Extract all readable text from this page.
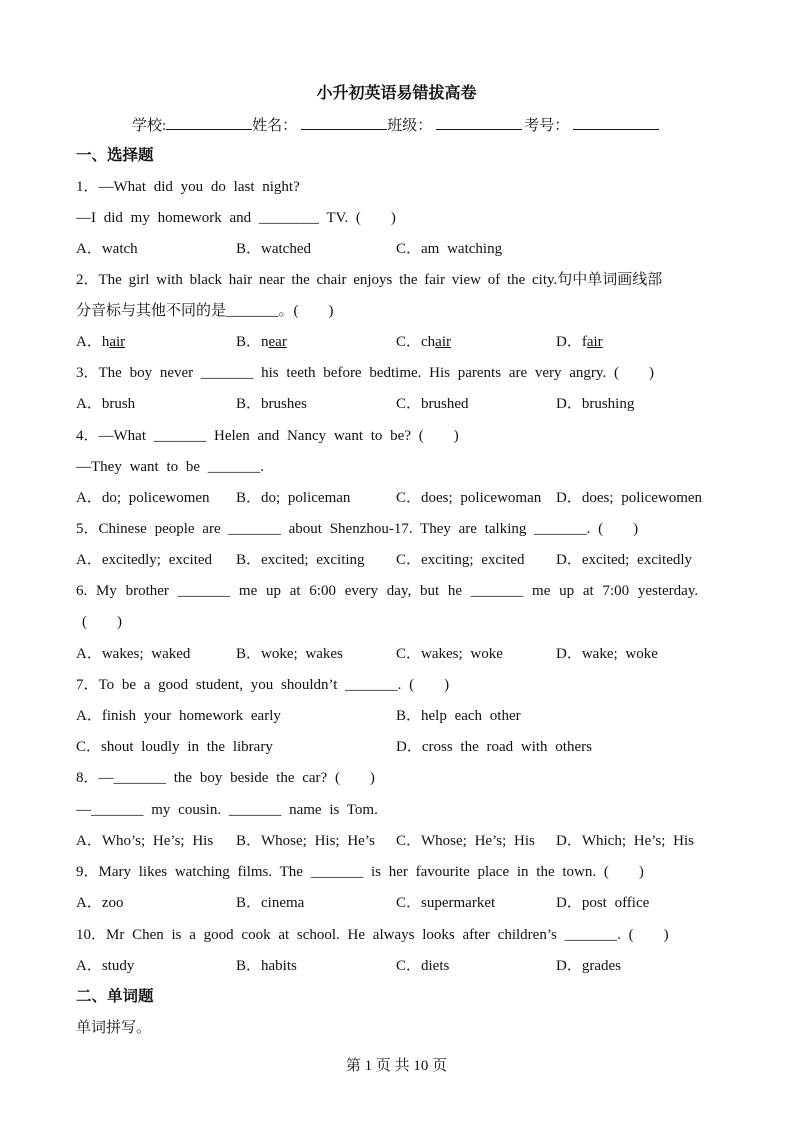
小升初英语易错拔高卷
学校:	姓名：	班级：	考号：
一、选择题
1．—What did you do last night?
—I did my homework and ________ TV. (　　)
A．watch	B．watched	C．am watching
2．The girl with black hair near the chair enjoys the fair view of the city.句中单词画线部
分音标与其他不同的是_______。(　　)
A．hair	B．near	C．chair	D．fair
3．The boy never _______ his teeth before bedtime. His parents are very angry. (　　)
A．brush	B．brushes	C．brushed	D．brushing
4．—What _______ Helen and Nancy want to be? (　　)
—They want to be _______.
A．do; policewomen B．do; policeman	C．does; policewoman D．does; policewomen
5．Chinese people are _______ about Shenzhou-17. They are talking _______. (　　)
A．excitedly; excited B．excited; exciting C．exciting; excited D．excited; excitedly
6. My brother _______ me up at 6:00 every day, but he _______ me up at 7:00 yesterday.
(　　)
A．wakes; waked	B．woke; wakes	C．wakes; woke	D．wake; woke
7．To be a good student, you shouldn’t _______. (　　)
A．finish your homework early	B．help each other
C．shout loudly in the library	D．cross the road with others
8．—_______ the boy beside the car? (　　)
—_______ my cousin. _______ name is Tom.
A．Who’s; He’s; His B．Whose; His; He’s C．Whose; He’s; His D．Which; He’s; His
9．Mary likes watching films. The _______ is her favourite place in the town. (　　)
A．zoo	B．cinema	C．supermarket	D．post office
10．Mr Chen is a good cook at school. He always looks after children’s _______. (　　)
A．study	B．habits	C．diets	D．grades
二、单词题
单词拼写。
第 1 页 共 10 页
